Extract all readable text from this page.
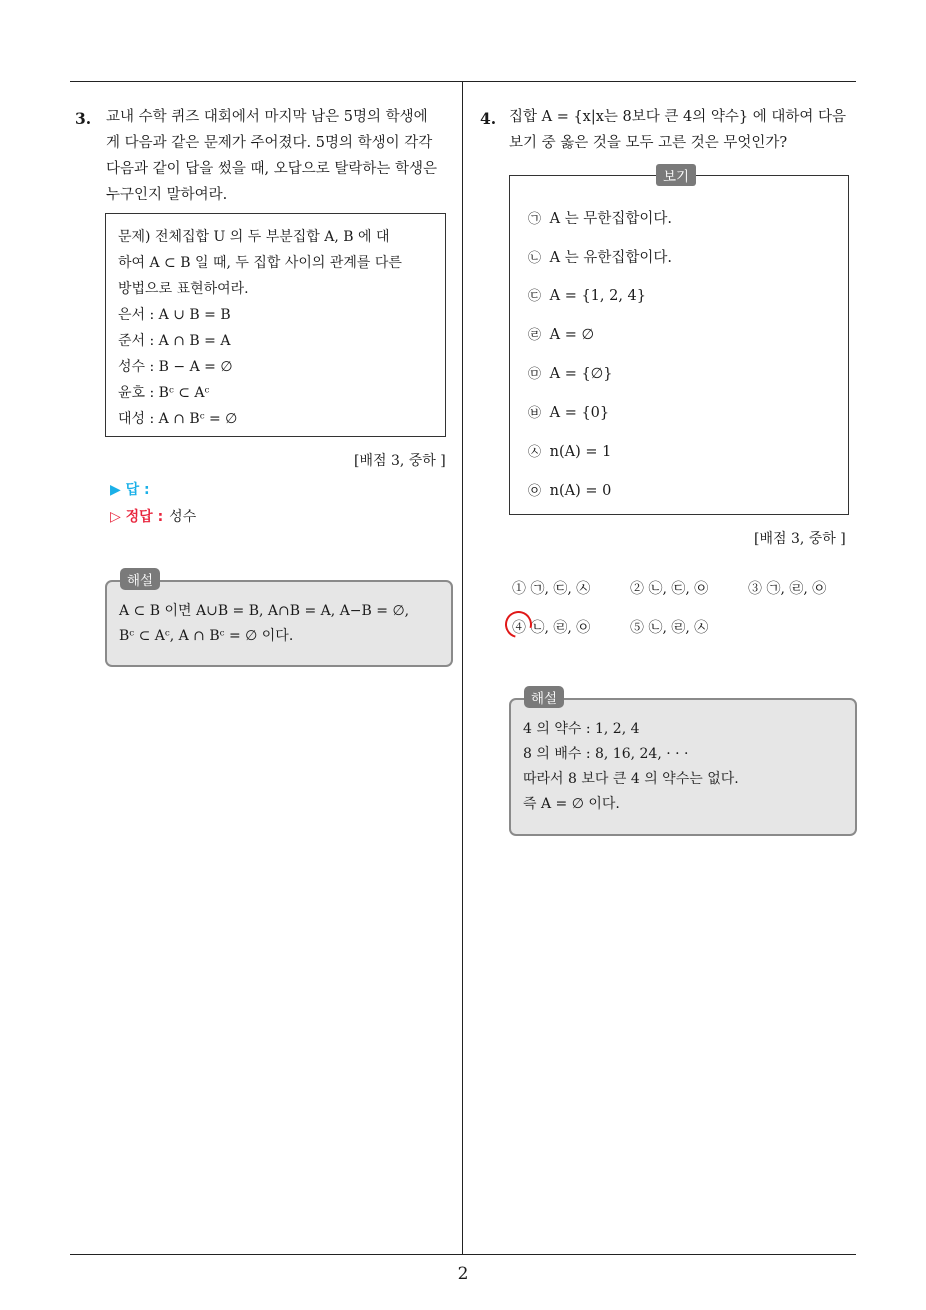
3. 교내 수학 퀴즈 대회에서 마지막 남은 5명의 학생에
게 다음과 같은 문제가 주어졌다. 5명의 학생이 각각
다음과 같이 답을 썼을 때, 오답으로 탈락하는 학생은
누구인지 말하여라.
문제) 전체집합 U 의 두 부분집합 A, B 에 대
하여 A ⊂ B 일 때, 두 집합 사이의 관계를 다른
방법으로 표현하여라.
은서 : A ∪ B = B
준서 : A ∩ B = A
성수 : B − A = ∅
윤호 : Bᶜ ⊂ Aᶜ
대성 : A ∩ Bᶜ = ∅
[배점 3, 중하 ]
▶ 답 :
▷ 정답 : 성수
A ⊂ B 이면 A∪B = B, A∩B = A, A−B = ∅,
Bᶜ ⊂ Aᶜ, A ∩ Bᶜ = ∅ 이다.
해설
4. 집합 A = {x|x는 8보다 큰 4의 약수} 에 대하여 다음
보기 중 옳은 것을 모두 고른 것은 무엇인가?
보기
㉠ A 는 무한집합이다.
㉡ A 는 유한집합이다.
㉢ A = {1, 2, 4}
㉣ A = ∅
㉤ A = {∅}
㉥ A = {0}
㉦ n(A) = 1
㉧ n(A) = 0
[배점 3, 중하 ]
① ㉠, ㉢, ㉦	② ㉡, ㉢, ㉧	③ ㉠, ㉣, ㉧
④ ㉡, ㉣, ㉧	⑤ ㉡, ㉣, ㉦
4 의 약수 : 1, 2, 4
8 의 배수 : 8, 16, 24, · · ·
따라서 8 보다 큰 4 의 약수는 없다.
즉 A = ∅ 이다.
해설
2
